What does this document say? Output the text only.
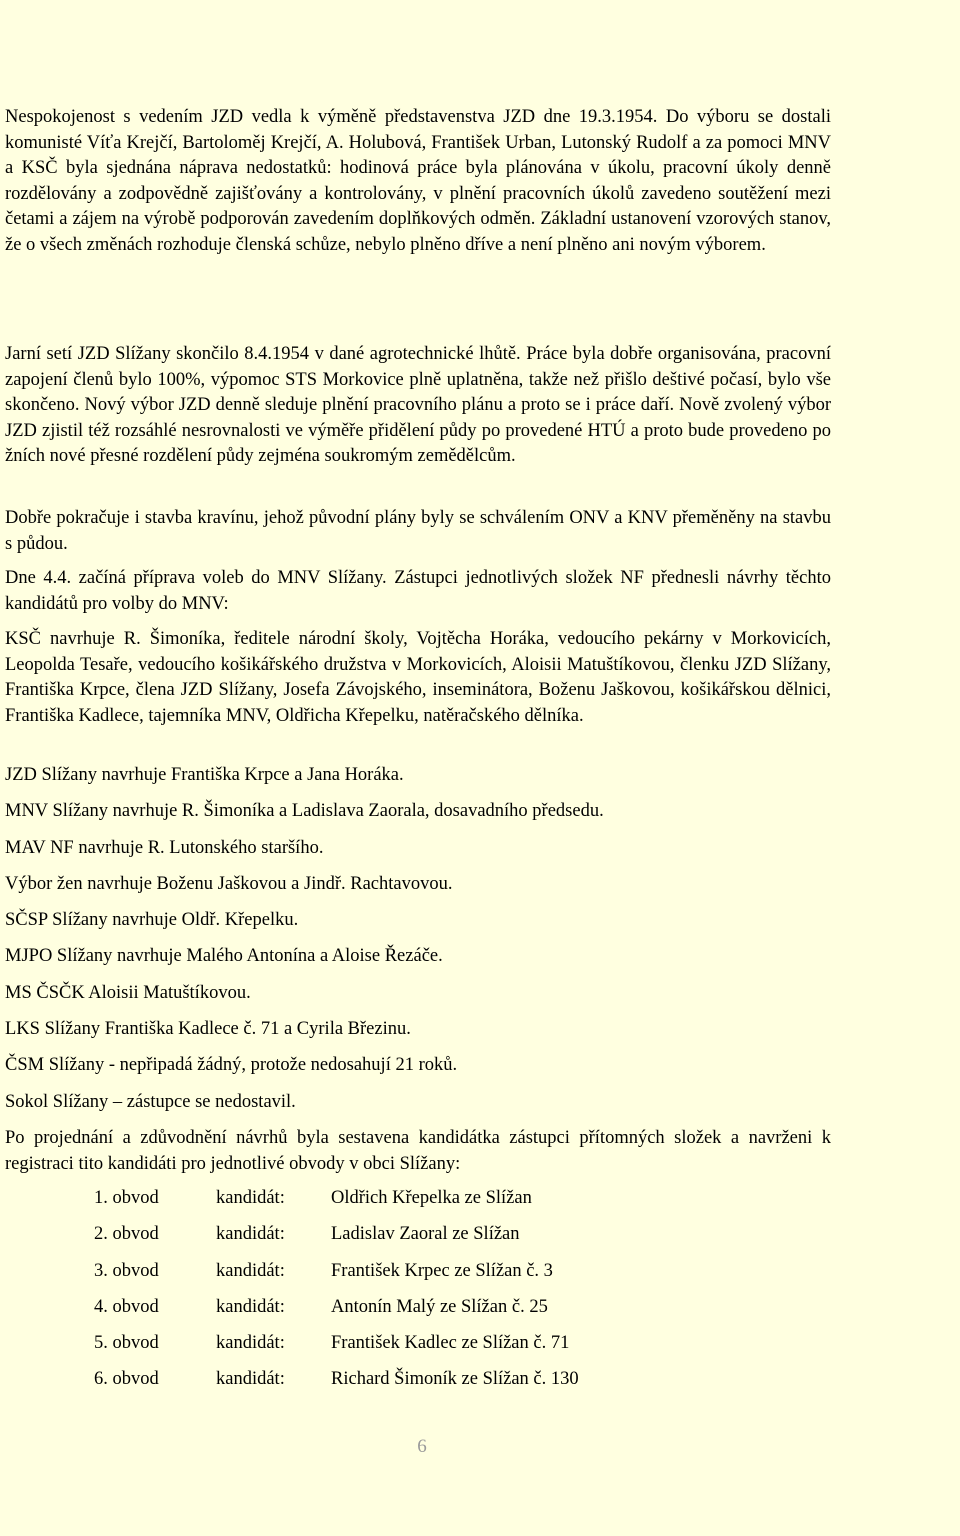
Nespokojenost s vedením JZD vedla k výměně představenstva JZD dne 19.3.1954. Do výboru se dostali komunisté Víťa Krejčí, Bartoloměj Krejčí, A. Holubová, František Urban, Lutonský Rudolf a za pomoci MNV a KSČ byla sjednána náprava nedostatků: hodinová práce byla plánována v úkolu, pracovní úkoly denně rozdělovány a zodpovědně zajišťovány a kontrolovány, v plnění pracovních úkolů zavedeno soutěžení mezi četami a zájem na výrobě podporován zavedením doplňkových odměn. Základní ustanovení vzorových stanov, že o všech změnách rozhoduje členská schůze, nebylo plněno dříve a není plněno ani novým výborem.

Jarní setí JZD Slížany skončilo 8.4.1954 v dané agrotechnické lhůtě. Práce byla dobře organisována, pracovní zapojení členů bylo 100%, výpomoc STS Morkovice plně uplatněna, takže než přišlo deštivé počasí, bylo vše skončeno. Nový výbor JZD denně sleduje plnění pracovního plánu a proto se i práce daří. Nově zvolený výbor JZD zjistil též rozsáhlé nesrovnalosti ve výměře přidělení půdy po provedené HTÚ a proto bude provedeno po žních nové přesné rozdělení půdy zejména soukromým zemědělcům.

Dobře pokračuje i stavba kravínu, jehož původní plány byly se schválením ONV a KNV přeměněny na stavbu s půdou.

Dne 4.4. začíná příprava voleb do MNV Slížany. Zástupci jednotlivých složek NF přednesli návrhy těchto kandidátů pro volby do MNV:

KSČ navrhuje R. Šimoníka, ředitele národní školy, Vojtěcha Horáka, vedoucího pekárny v Morkovicích, Leopolda Tesaře, vedoucího košikářského družstva v Morkovicích, Aloisii Matuštíkovou, členku JZD Slížany, Františka Krpce, člena JZD Slížany, Josefa Závojského, inseminátora, Boženu Jaškovou, košikářskou dělnici, Františka Kadlece, tajemníka MNV, Oldřicha Křepelku, natěračského dělníka.

JZD Slížany navrhuje Františka Krpce a Jana Horáka.

MNV Slížany navrhuje R. Šimoníka a Ladislava Zaorala, dosavadního předsedu.

MAV NF navrhuje R. Lutonského staršího.

Výbor žen navrhuje Boženu Jaškovou a Jindř. Rachtavovou.

SČSP Slížany navrhuje Oldř. Křepelku.

MJPO Slížany navrhuje Malého Antonína a Aloise Řezáče.

MS ČSČK Aloisii Matuštíkovou.

LKS Slížany Františka Kadlece č. 71 a Cyrila Březinu.

ČSM Slížany - nepřipadá žádný, protože nedosahují 21 roků.

Sokol Slížany – zástupce se nedostavil.

Po projednání a zdůvodnění návrhů byla sestavena kandidátka zástupci přítomných složek a navrženi k registraci tito kandidáti pro jednotlivé obvody v obci Slížany:

1. obvod	kandidát: Oldřich Křepelka ze Slížan
2. obvod	kandidát: Ladislav Zaoral ze Slížan
3. obvod	kandidát: František Krpec ze Slížan č. 3
4. obvod	kandidát: Antonín Malý ze Slížan č. 25
5. obvod	kandidát: František Kadlec ze Slížan č. 71
6. obvod	kandidát: Richard Šimoník ze Slížan č. 130
6
